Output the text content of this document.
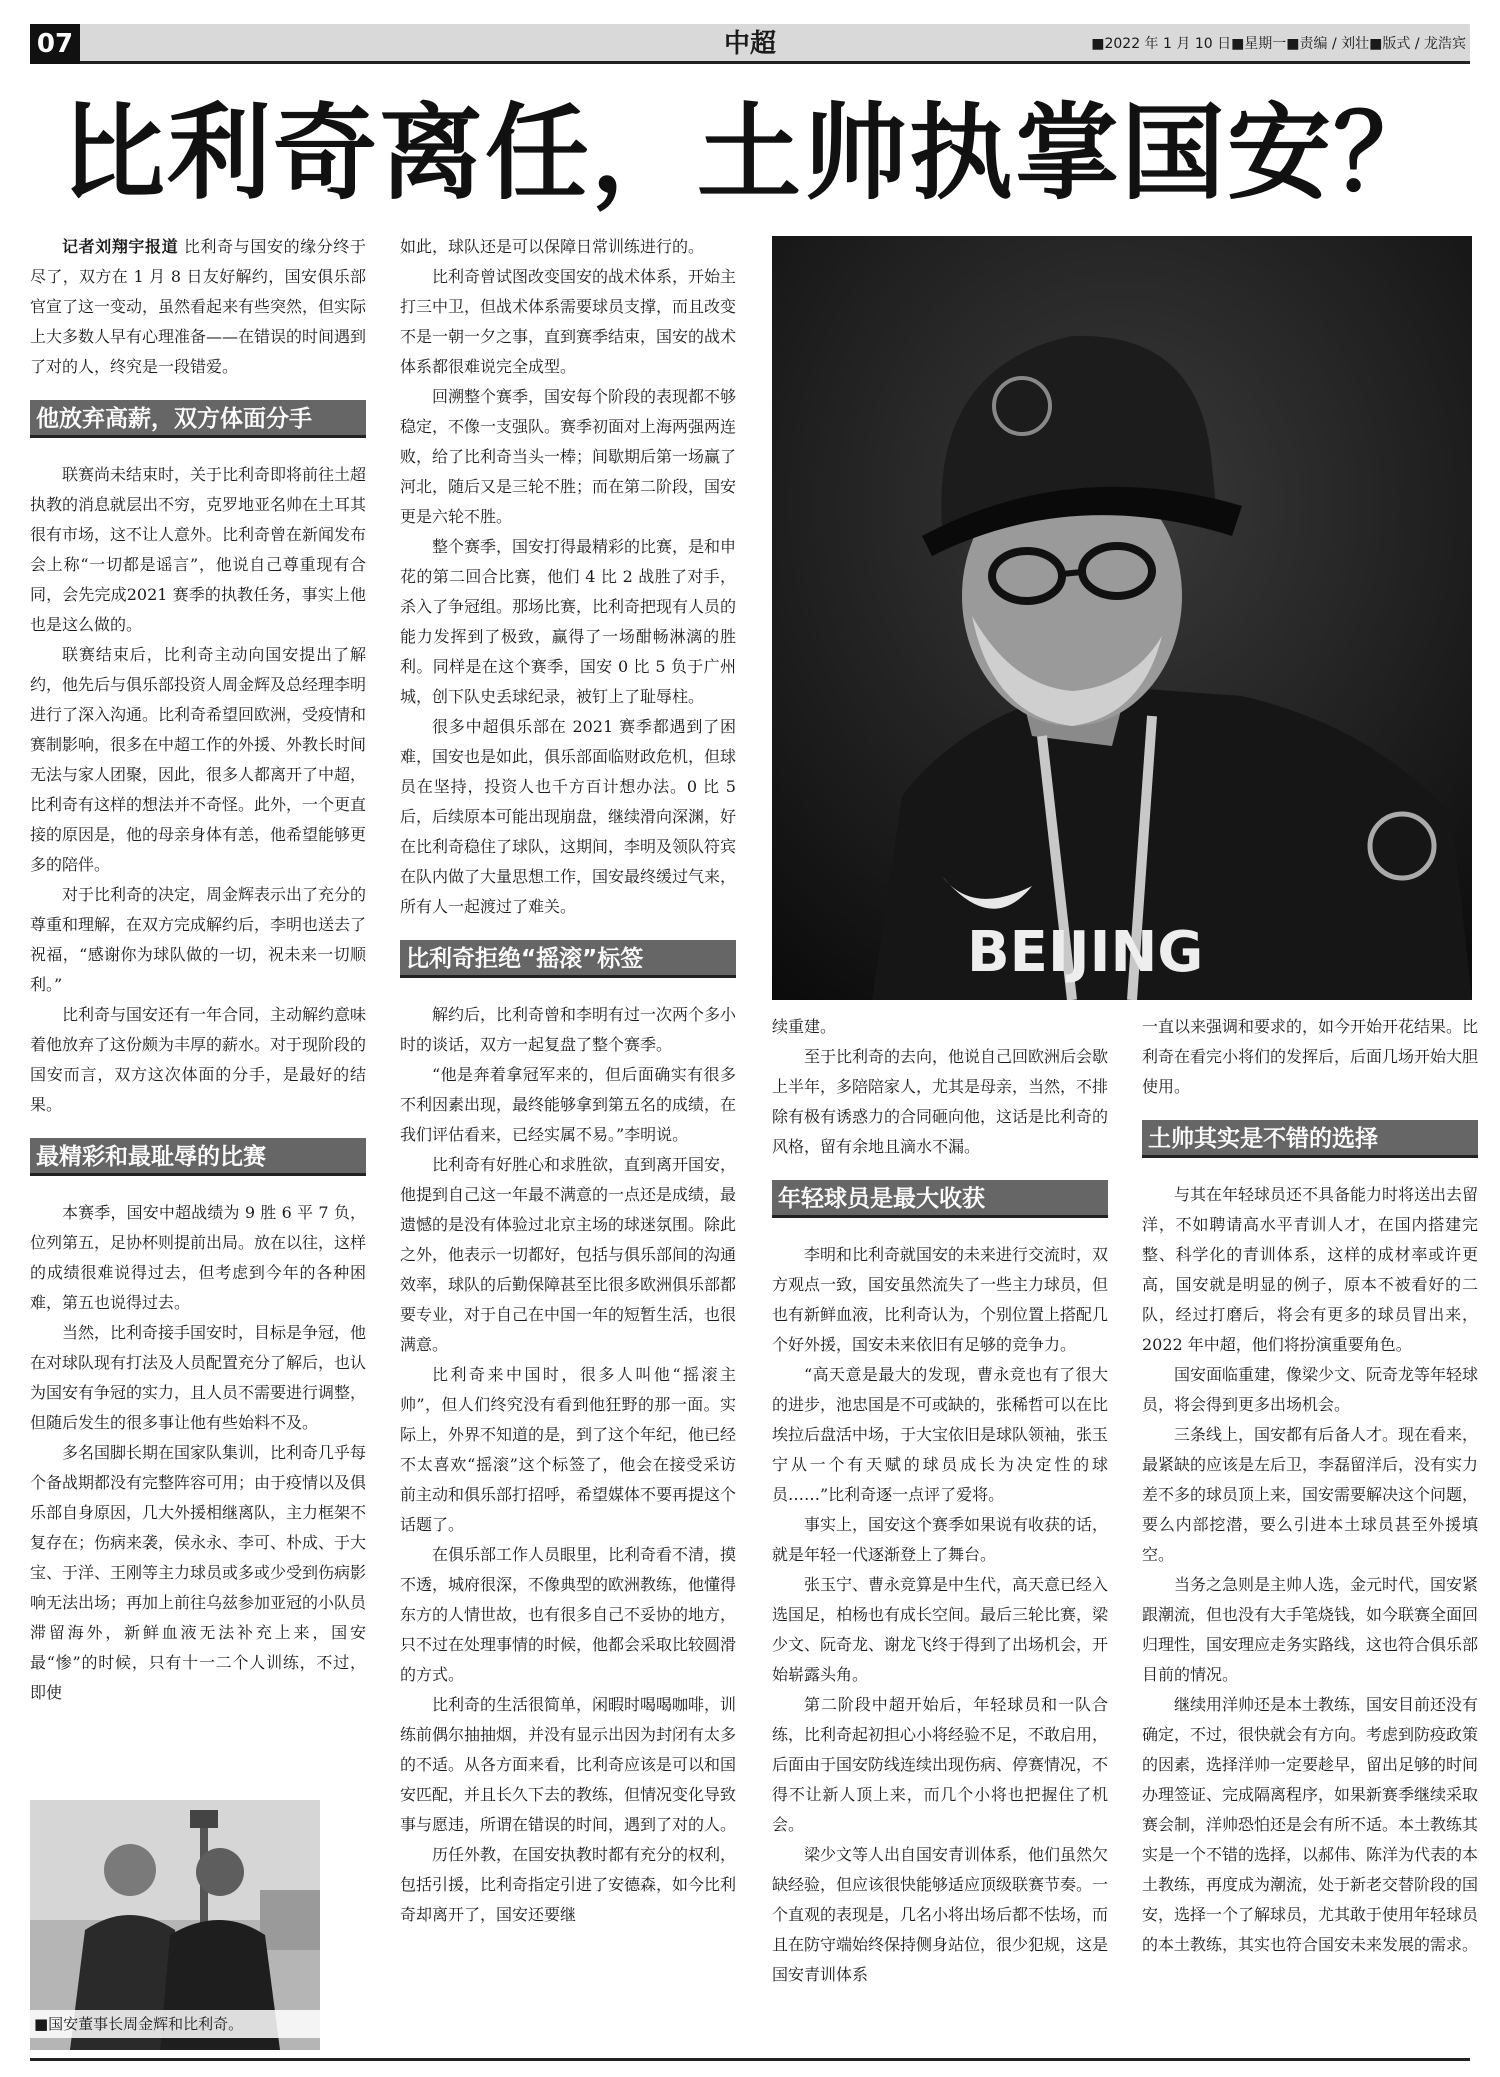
07	中超	■2022 年 1 月 10 日■星期一■责编 / 刘壮■版式 / 龙浩宾
比利奇离任，土帅执掌国安？

记者刘翔宇报道 比利奇与国安的缘分终于尽了，双方在 1 月 8 日友好解约，国安俱乐部官宣了这一变动，虽然看起来有些突然，但实际上大多数人早有心理准备——在错误的时间遇到了对的人，终究是一段错爱。

他放弃高薪，双方体面分手

联赛尚未结束时，关于比利奇即将前往土超执教的消息就层出不穷，克罗地亚名帅在土耳其很有市场，这不让人意外。比利奇曾在新闻发布会上称“一切都是谣言”，他说自己尊重现有合同，会先完成2021 赛季的执教任务，事实上他也是这么做的。

联赛结束后，比利奇主动向国安提出了解约，他先后与俱乐部投资人周金辉及总经理李明进行了深入沟通。比利奇希望回欧洲，受疫情和赛制影响，很多在中超工作的外援、外教长时间无法与家人团聚，因此，很多人都离开了中超，比利奇有这样的想法并不奇怪。此外，一个更直接的原因是，他的母亲身体有恙，他希望能够更多的陪伴。

对于比利奇的决定，周金辉表示出了充分的尊重和理解，在双方完成解约后，李明也送去了祝福，“感谢你为球队做的一切，祝未来一切顺利。”

比利奇与国安还有一年合同，主动解约意味着他放弃了这份颇为丰厚的薪水。对于现阶段的国安而言，双方这次体面的分手，是最好的结果。

最精彩和最耻辱的比赛

本赛季，国安中超战绩为 9 胜 6 平 7 负，位列第五，足协杯则提前出局。放在以往，这样的成绩很难说得过去，但考虑到今年的各种困难，第五也说得过去。

当然，比利奇接手国安时，目标是争冠，他在对球队现有打法及人员配置充分了解后，也认为国安有争冠的实力，且人员不需要进行调整，但随后发生的很多事让他有些始料不及。

多名国脚长期在国家队集训，比利奇几乎每个备战期都没有完整阵容可用；由于疫情以及俱乐部自身原因，几大外援相继离队，主力框架不复存在；伤病来袭，侯永永、李可、朴成、于大宝、于洋、王刚等主力球员或多或少受到伤病影响无法出场；再加上前往乌兹参加亚冠的小队员滞留海外，新鲜血液无法补充上来，国安最“惨”的时候，只有十一二个人训练，不过，即使

■国安董事长周金辉和比利奇。

如此，球队还是可以保障日常训练进行的。

比利奇曾试图改变国安的战术体系，开始主打三中卫，但战术体系需要球员支撑，而且改变不是一朝一夕之事，直到赛季结束，国安的战术体系都很难说完全成型。

回溯整个赛季，国安每个阶段的表现都不够稳定，不像一支强队。赛季初面对上海两强两连败，给了比利奇当头一棒；间歇期后第一场赢了河北，随后又是三轮不胜；而在第二阶段，国安更是六轮不胜。

整个赛季，国安打得最精彩的比赛，是和申花的第二回合比赛，他们 4 比 2 战胜了对手，杀入了争冠组。那场比赛，比利奇把现有人员的能力发挥到了极致，赢得了一场酣畅淋漓的胜利。同样是在这个赛季，国安 0 比 5 负于广州城，创下队史丢球纪录，被钉上了耻辱柱。

很多中超俱乐部在 2021 赛季都遇到了困难，国安也是如此，俱乐部面临财政危机，但球员在坚持，投资人也千方百计想办法。0 比 5 后，后续原本可能出现崩盘，继续滑向深渊，好在比利奇稳住了球队，这期间，李明及领队符宾在队内做了大量思想工作，国安最终缓过气来，所有人一起渡过了难关。

比利奇拒绝“摇滚”标签

解约后，比利奇曾和李明有过一次两个多小时的谈话，双方一起复盘了整个赛季。

“他是奔着拿冠军来的，但后面确实有很多不利因素出现，最终能够拿到第五名的成绩，在我们评估看来，已经实属不易。”李明说。

比利奇有好胜心和求胜欲，直到离开国安，他提到自己这一年最不满意的一点还是成绩，最遗憾的是没有体验过北京主场的球迷氛围。除此之外，他表示一切都好，包括与俱乐部间的沟通效率，球队的后勤保障甚至比很多欧洲俱乐部都要专业，对于自己在中国一年的短暂生活，也很满意。

比利奇来中国时，很多人叫他“摇滚主帅”，但人们终究没有看到他狂野的那一面。实际上，外界不知道的是，到了这个年纪，他已经不太喜欢“摇滚”这个标签了，他会在接受采访前主动和俱乐部打招呼，希望媒体不要再提这个话题了。

在俱乐部工作人员眼里，比利奇看不清，摸不透，城府很深，不像典型的欧洲教练，他懂得东方的人情世故，也有很多自己不妥协的地方，只不过在处理事情的时候，他都会采取比较圆滑的方式。

比利奇的生活很简单，闲暇时喝喝咖啡，训练前偶尔抽抽烟，并没有显示出因为封闭有太多的不适。从各方面来看，比利奇应该是可以和国安匹配，并且长久下去的教练，但情况变化导致事与愿违，所谓在错误的时间，遇到了对的人。

历任外教，在国安执教时都有充分的权利，包括引援，比利奇指定引进了安德森，如今比利奇却离开了，国安还要继

BEIJING

续重建。

至于比利奇的去向，他说自己回欧洲后会歇上半年，多陪陪家人，尤其是母亲，当然，不排除有极有诱惑力的合同砸向他，这话是比利奇的风格，留有余地且滴水不漏。

年轻球员是最大收获

李明和比利奇就国安的未来进行交流时，双方观点一致，国安虽然流失了一些主力球员，但也有新鲜血液，比利奇认为，个别位置上搭配几个好外援，国安未来依旧有足够的竞争力。

“高天意是最大的发现，曹永竞也有了很大的进步，池忠国是不可或缺的，张稀哲可以在比埃拉后盘活中场，于大宝依旧是球队领袖，张玉宁从一个有天赋的球员成长为决定性的球员……”比利奇逐一点评了爱将。

事实上，国安这个赛季如果说有收获的话，就是年轻一代逐渐登上了舞台。

张玉宁、曹永竞算是中生代，高天意已经入选国足，柏杨也有成长空间。最后三轮比赛，梁少文、阮奇龙、谢龙飞终于得到了出场机会，开始崭露头角。

第二阶段中超开始后，年轻球员和一队合练，比利奇起初担心小将经验不足，不敢启用，后面由于国安防线连续出现伤病、停赛情况，不得不让新人顶上来，而几个小将也把握住了机会。

梁少文等人出自国安青训体系，他们虽然欠缺经验，但应该很快能够适应顶级联赛节奏。一个直观的表现是，几名小将出场后都不怯场，而且在防守端始终保持侧身站位，很少犯规，这是国安青训体系

一直以来强调和要求的，如今开始开花结果。比利奇在看完小将们的发挥后，后面几场开始大胆使用。

土帅其实是不错的选择

与其在年轻球员还不具备能力时将送出去留洋，不如聘请高水平青训人才，在国内搭建完整、科学化的青训体系，这样的成材率或许更高，国安就是明显的例子，原本不被看好的二队，经过打磨后，将会有更多的球员冒出来，2022 年中超，他们将扮演重要角色。

国安面临重建，像梁少文、阮奇龙等年轻球员，将会得到更多出场机会。

三条线上，国安都有后备人才。现在看来，最紧缺的应该是左后卫，李磊留洋后，没有实力差不多的球员顶上来，国安需要解决这个问题，要么内部挖潜，要么引进本土球员甚至外援填空。

当务之急则是主帅人选，金元时代，国安紧跟潮流，但也没有大手笔烧钱，如今联赛全面回归理性，国安理应走务实路线，这也符合俱乐部目前的情况。

继续用洋帅还是本土教练，国安目前还没有确定，不过，很快就会有方向。考虑到防疫政策的因素，选择洋帅一定要趁早，留出足够的时间办理签证、完成隔离程序，如果新赛季继续采取赛会制，洋帅恐怕还是会有所不适。本土教练其实是一个不错的选择，以郝伟、陈洋为代表的本土教练，再度成为潮流，处于新老交替阶段的国安，选择一个了解球员，尤其敢于使用年轻球员的本土教练，其实也符合国安未来发展的需求。
